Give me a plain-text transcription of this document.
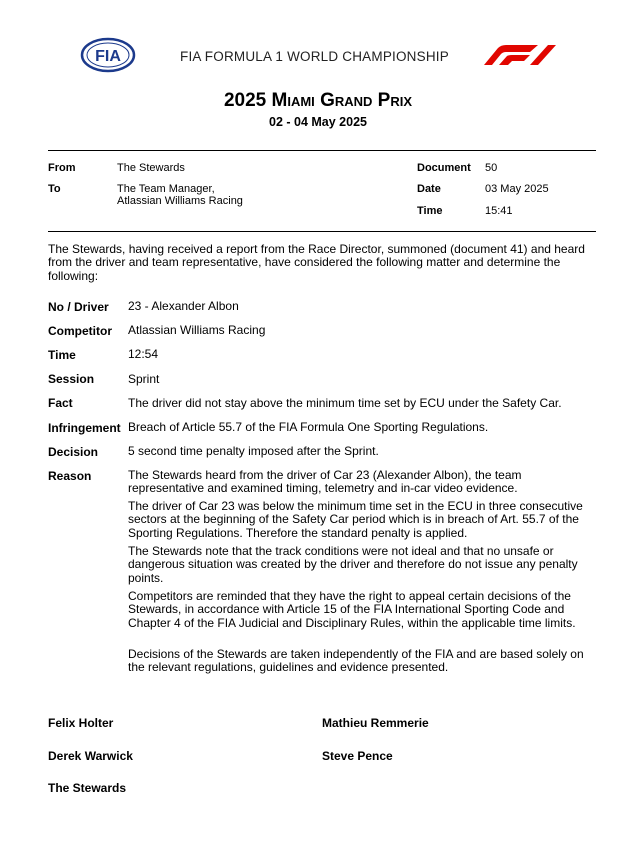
FIA	FIA FORMULA 1 WORLD CHAMPIONSHIP
2025 Miami Grand Prix
02 - 04 May 2025
From	The Stewards
To	The Team Manager,
Atlassian Williams Racing
Document 50
Date	03 May 2025
Time	15:41
The Stewards, having received a report from the Race Director, summoned (document 41) and heard from the driver and team representative, have considered the following matter and determine the following:
No / Driver 23 - Alexander Albon
Competitor Atlassian Williams Racing
Time	12:54
Session	Sprint
Fact	The driver did not stay above the minimum time set by ECU under the Safety Car.
Infringement Breach of Article 55.7 of the FIA Formula One Sporting Regulations.
Decision 5 second time penalty imposed after the Sprint.
Reason	The Stewards heard from the driver of Car 23 (Alexander Albon), the team representative and examined timing, telemetry and in-car video evidence.
The driver of Car 23 was below the minimum time set in the ECU in three consecutive sectors at the beginning of the Safety Car period which is in breach of Art. 55.7 of the Sporting Regulations. Therefore the standard penalty is applied.
The Stewards note that the track conditions were not ideal and that no unsafe or dangerous situation was created by the driver and therefore do not issue any penalty points.
Competitors are reminded that they have the right to appeal certain decisions of the Stewards, in accordance with Article 15 of the FIA International Sporting Code and Chapter 4 of the FIA Judicial and Disciplinary Rules, within the applicable time limits.
Decisions of the Stewards are taken independently of the FIA and are based solely on the relevant regulations, guidelines and evidence presented.
Felix Holter	Mathieu Remmerie
Derek Warwick	Steve Pence
The Stewards
